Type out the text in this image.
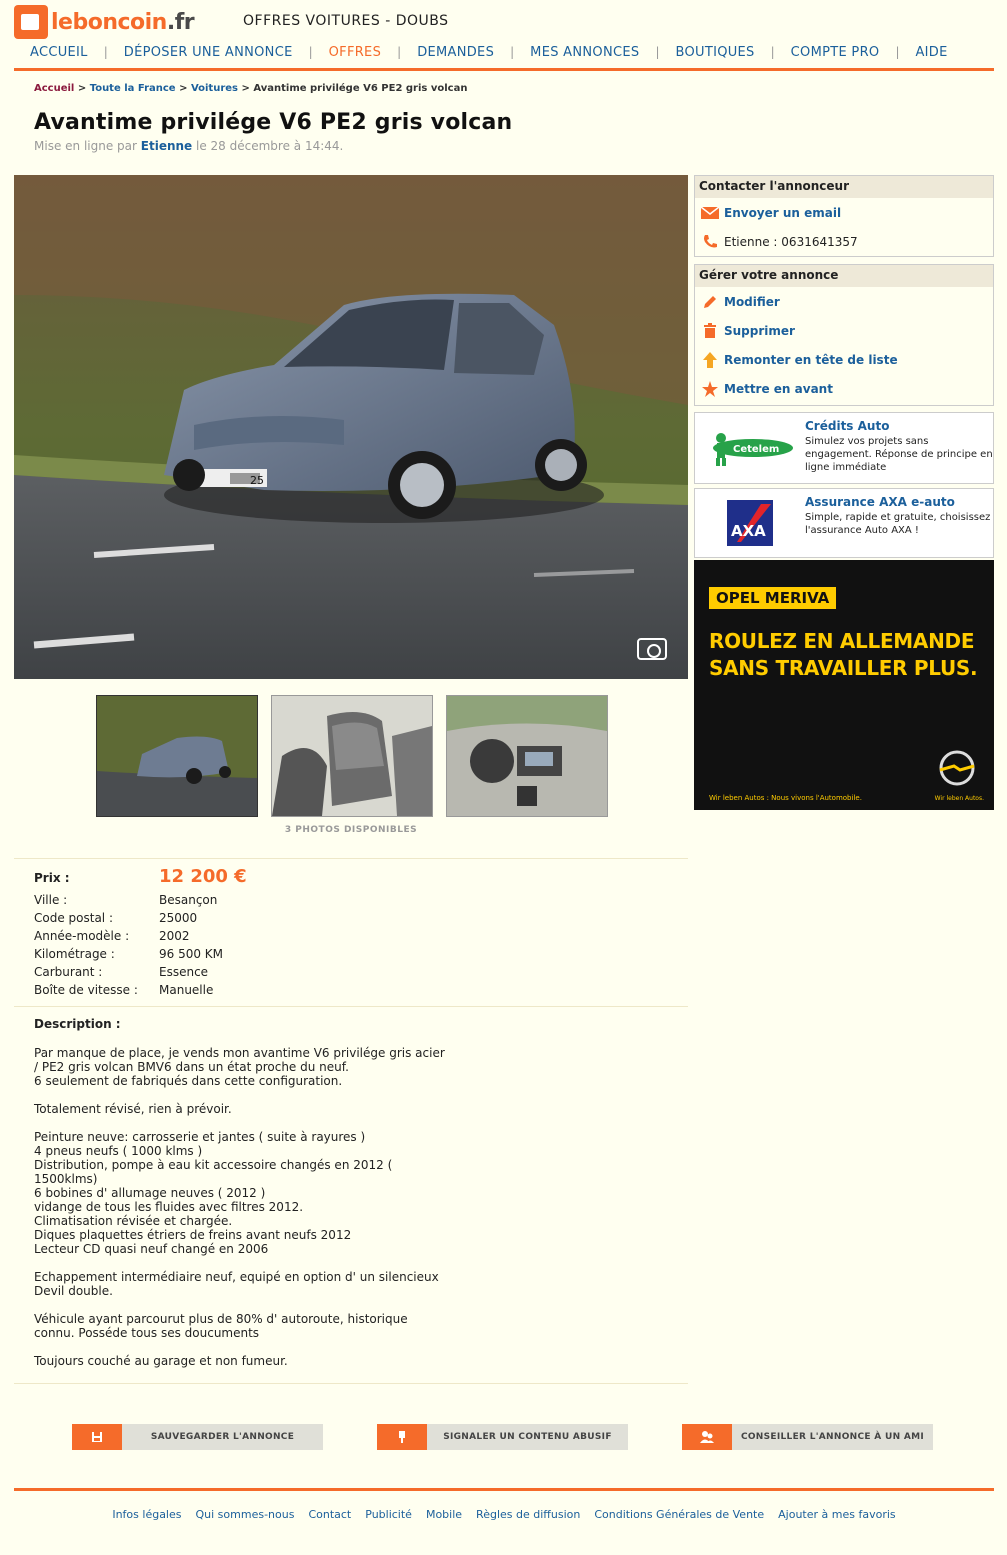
leboncoin.fr	OFFRES VOITURES - DOUBS
ACCUEIL	|	DÉPOSER UNE ANNONCE	|	OFFRES	|	DEMANDES	|	MES ANNONCES	|	BOUTIQUES	|	COMPTE PRO	|	AIDE
Accueil > Toute la France > Voitures > Avantime privilége V6 PE2 gris volcan
Avantime privilége V6 PE2 gris volcan
Mise en ligne par Etienne le 28 décembre à 14:44.
25
3 PHOTOS DISPONIBLES
Prix :	12 200 €
Ville :	Besançon
Code postal :	25000
Année-modèle :	2002
Kilométrage :	96 500 KM
Carburant :	Essence
Boîte de vitesse :	Manuelle
Description :

Par manque de place, je vends mon avantime V6 privilége gris acier

/ PE2 gris volcan BMV6 dans un état proche du neuf.

6 seulement de fabriqués dans cette configuration.

Totalement révisé, rien à prévoir.

Peinture neuve: carrosserie et jantes ( suite à rayures )

4 pneus neufs ( 1000 klms )

Distribution, pompe à eau kit accessoire changés en 2012 (

1500klms)

6 bobines d' allumage neuves ( 2012 )

vidange de tous les fluides avec filtres 2012.

Climatisation révisée et chargée.

Diques plaquettes étriers de freins avant neufs 2012

Lecteur CD quasi neuf changé en 2006

Echappement intermédiaire neuf, equipé en option d' un silencieux

Devil double.

Véhicule ayant parcourut plus de 80% d' autoroute, historique

connu. Posséde tous ses doucuments

Toujours couché au garage et non fumeur.

SAUVEGARDER L'ANNONCE	SIGNALER UN CONTENU ABUSIF	CONSEILLER L'ANNONCE À UN AMI
Infos légales Qui sommes-nous Contact Publicité Mobile Règles de diffusion Conditions Générales de Vente Ajouter à mes favoris
Contacter l'annonceur
Envoyer un email
Etienne :
0631641357
Gérer votre annonce
Modifier
Supprimer
Remonter en tête de liste
Mettre en avant
Cetelem
Crédits Auto
Simulez vos projets sans engagement. Réponse de principe en ligne immédiate
AXA
Assurance AXA e-auto
Simple, rapide et gratuite, choisissez l'assurance Auto AXA !
OPEL MERIVA
ROULEZ EN ALLEMANDE
SANS TRAVAILLER PLUS.
Wir leben Autos : Nous vivons l'Automobile.	Wir leben Autos.
